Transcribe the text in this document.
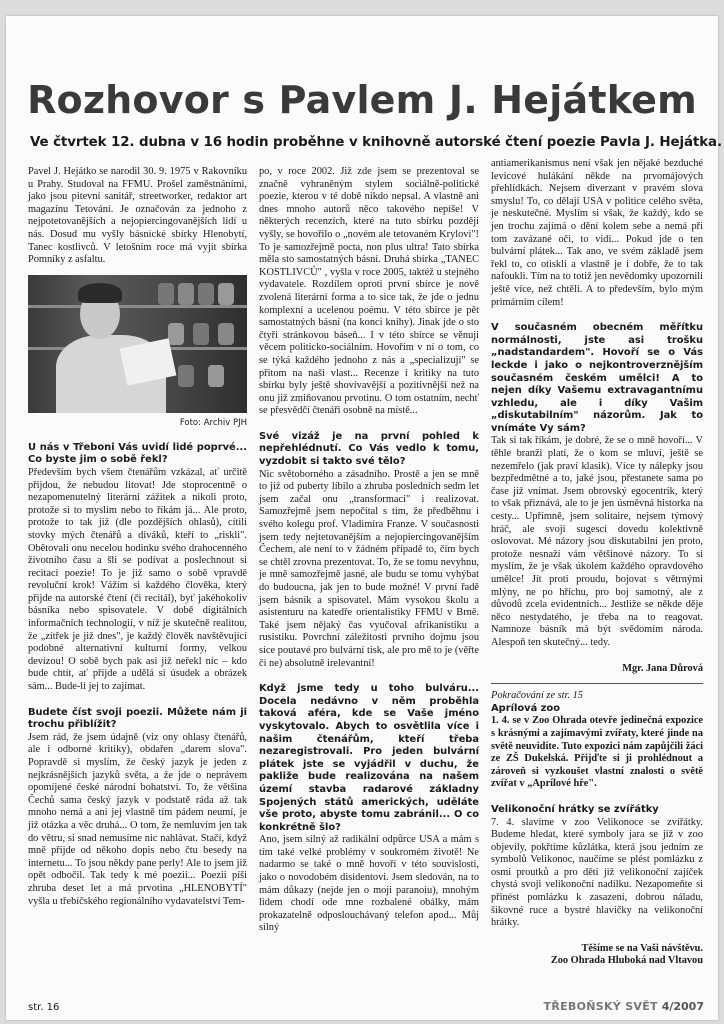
Rozhovor s Pavlem J. Hejátkem
Ve čtvrtek 12. dubna v 16 hodin proběhne v knihovně autorské čtení poezie Pavla J. Hejátka.

Pavel J. Hejátko se narodil 30. 9. 1975 v Rakovníku u Prahy. Studoval na FFMU. Prošel zaměstnáními, jako jsou pitevní sanitář, streetworker, redaktor art magazínu Tetování. Je označován za jednoho z nejpotetovanějších a nejopiercingovanějších lidí u nás. Dosud mu vyšly básnické sbírky Hlenobytí, Tanec kostlivců. V letošním roce má vyjít sbírka Pomníky z asfaltu.

Foto: Archiv PJH

U nás v Třeboni Vás uvidí lidé poprvé... Co byste jim o sobě řekl?

Především bych všem čtenářům vzkázal, ať určitě přijdou, že nebudou litovat! Jde stoprocentně o nezapomenutelný literární zážitek a nikoli proto, protože si to myslím nebo to říkám já... Ale proto, protože to tak již (dle pozdějších ohlasů), cítili stovky mých čtenářů a diváků, kteří to „riskli". Obětovali onu necelou hodinku svého drahocenného životního času a šli se podívat a poslechnout si recitaci poezie! To je již samo o sobě vpravdě revoluční krok! Vážím si každého člověka, který přijde na autorské čtení (či recitál), byť jakéhokoliv básníka nebo spisovatele. V době digitálních informačních technologií, v níž je skutečně realitou, že „zítřek je již dnes", je každý člověk navštěvující podobné alternativní kulturní formy, velkou devizou! O sobě bych pak asi již neřekl nic – kdo bude chtít, ať přijde a udělá si úsudek a obrázek sám... Bude-li jej to zajímat.

Budete číst svoji poezii. Můžete nám ji trochu přiblížit?

Jsem rád, že jsem údajně (viz ony ohlasy čtenářů, ale i odborné kritiky), obdařen „darem slova". Popravdě si myslím, že český jazyk je jeden z nejkrásnějších jazyků světa, a že jde o neprávem opomíjené české národní bohatství. To, že většina Čechů sama český jazyk v podstatě ráda až tak mnoho nemá a ani jej vlastně tím pádem neumí, je již otázka a věc druhá... O tom, že nemluvím jen tak do větru, si snad nemusíme nic nahlávat. Stačí, když mně přijde od někoho dopis nebo čtu besedy na internetu... To jsou někdy pane perly! Ale to jsem již opět odbočil. Tak tedy k mé poezii... Poezii píši zhruba deset let a má prvotina „HLENOBYTÍ" vyšla u třebíčského regionálního vydavatelství Tem-

po, v roce 2002. Již zde jsem se prezentoval se značně vyhraněným stylem sociálně-politické poezie, kterou v té době nikdo nepsal. A vlastně ani dnes mnoho autorů něco takového nepíše! V některých recenzích, které na tuto sbírku později vyšly, se hovořilo o „novém ale tetovaném Krylovi"! To je samozřejmě pocta, non plus ultra! Tato sbírka měla sto samostatných básní. Druhá sbírka „TANEC KOSTLIVCŮ" , vyšla v roce 2005, taktéž u stejného vydavatele. Rozdílem oproti první sbírce je nově zvolená literární forma a to sice tak, že jde o jednu komplexní a ucelenou poému. V této sbírce je pět samostatných básní (na konci knihy). Jinak jde o sto čtyři stránkovou báseň... I v této sbírce se věnuji věcem politicko-sociálním. Hovořím v ní o tom, co se týká každého jednoho z nás a „specializují" se přitom na naši vlast... Recenze i kritiky na tuto sbírku byly ještě shovívavější a pozitivnější než na onu již zmiňovanou prvotinu. O tom ostatním, nechť se přesvědčí čtenáři osobně na místě...

Své vizáž je na první pohled k nepřehlédnutí. Co Vás vedlo k tomu, vyzdobit si takto své tělo?

Nic světoborného a zásadního. Prostě a jen se mně to již od puberty líbilo a zhruba posledních sedm let jsem začal onu „transformaci" i realizovat. Samozřejmě jsem nepočítal s tím, že předběhnu i svého kolegu prof. Vladimíra Franze. V současnosti jsem tedy nejtetovanějším a nejopiercingovanějším Čechem, ale není to v žádném případě to, čím bych se chtěl zrovna prezentovat. To, že se tomu nevyhnu, je mně samozřejmě jasné, ale budu se tomu vyhýbat do budoucna, jak jen to bude možné! V první řadě jsem básník a spisovatel. Mám vysokou školu a asistenturu na katedře orientalistiky FFMU v Brně. Také jsem nějaký čas vyučoval afrikanistiku a rusistiku. Povrchní záležitosti prvního dojmu jsou sice poutavé pro bulvární tisk, ale pro mě to je (věřte či ne) absolutně irelevantní!

Když jsme tedy u toho bulváru... Docela nedávno v něm proběhla taková aféra, kde se Vaše jméno vyskytovalo. Abych to osvětlila více i našim čtenářům, kteří třeba nezaregistrovali. Pro jeden bulvární plátek jste se vyjádřil v duchu, že pakliže bude realizována na našem území stavba radarové základny Spojených států amerických, uděláte vše proto, abyste tomu zabránil... O co konkrétně šlo?

Ano, jsem silný až radikální odpůrce USA a mám s tím také velké problémy v soukromém životě! Ne nadarmo se také o mně hovoří v této souvislosti, jako o novodobém disidentovi. Jsem sledován, na to mám důkazy (nejde jen o moji paranoiu), mnohým lidem chodí ode mne rozbalené obálky, mám prokazatelně odposlouchávaný telefon apod... Můj silný

antiamerikanismus není však jen nějaké bezduché levicové hulákání někde na prvomájových přehlídkách. Nejsem diverzant v pravém slova smyslu! To, co dělají USA v politice celého světa, je neskutečné. Myslím si však, že každý, kdo se jen trochu zajímá o dění kolem sebe a nemá při tom zavázané oči, to vidí... Pokud jde o ten bulvární plátek... Tak ano, ve svém základě jsem řekl to, co otiskli a vlastně je i dobře, že to tak nafoukli. Tím na to totiž jen nevědomky upozornili ještě více, než chtěli. A to především, bylo mým primárním cílem!

V současném obecném měřítku normálnosti, jste asi trošku „nadstandardem". Hovoří se o Vás leckde i jako o nejkontroverznějším současném českém umělci! A to nejen díky Vašemu extravagantnímu vzhledu, ale i díky Vašim „diskutabilním" názorům. Jak to vnímáte Vy sám?

Tak si tak říkám, je dobré, že se o mně hovoří... V těhle branži platí, že o kom se mluví, ještě se nezemřelo (jak praví klasik). Více ty nálepky jsou bezpředmětné a to, jaké jsou, přestanete sama po čase již vnímat. Jsem obrovský egocentrik, který to však přiznává, ale to je jen úsměvná historka na cesty... Upřímně, jsem solitaire, nejsem týmový hráč, ale svojí sugescí dovedu kolektivně oslovovat. Mé názory jsou diskutabilní jen proto, protože nesnaží vám většinové názory. To si myslím, že je však úkolem každého opravdového umělce! Jít proti proudu, bojovat s větrnými mlýny, ne po hříchu, pro boj samotný, ale z důvodů zcela evidentních... Jestliže se někde děje něco nestydatého, je třeba na to reagovat. Namnoze básník má být svědomím národa. Alespoň ten skutečný... tedy.

Mgr. Jana Důrová

Pokračování ze str. 15

Aprílová zoo

1. 4. se v Zoo Ohrada otevře jedinečná expozice s krásnými a zajímavými zvířaty, které jinde na světě neuvidíte. Tuto expozici nám zapůjčili žáci ze ZŠ Dukelská. Přijďte si ji prohlédnout a zároveň si vyzkoušet vlastní znalosti o světě zvířat v „Aprílové hře".

Velikonoční hrátky se zvířátky

7. 4. slavíme v zoo Velikonoce se zvířátky. Budeme hledat, které symboly jara se již v zoo objevily, pokřtíme kůzlátka, která jsou jedním ze symbolů Velikonoc, naučíme se plést pomlázku z osmi proutků a pro děti již velikonoční zajíček chystá svoji velikonoční nadílku. Nezapomeňte si přinést pomlázku k zasazení, dobrou náladu, šikovné ruce a bystré hlavičky na velikonoční hrátky.

Těšíme se na Vaši návštěvu.

Zoo Ohrada Hluboká nad Vltavou

str. 16	TŘEBOŇSKÝ SVĚT 4/2007
